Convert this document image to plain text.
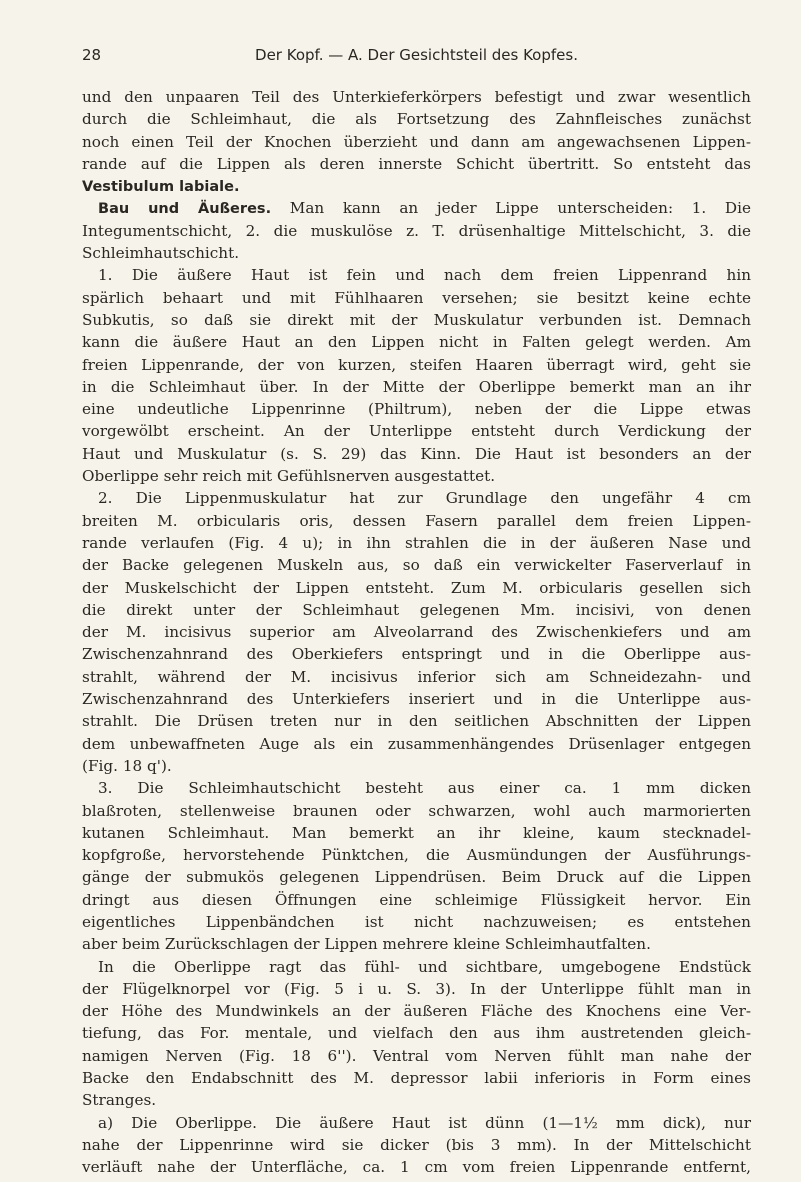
28	Der Kopf. — A. Der Gesichtsteil des Kopfes.
und den unpaaren Teil des Unterkieferkörpers befestigt und zwar wesentlich
durch die Schleimhaut, die als Fortsetzung des Zahnfleisches zunächst
noch einen Teil der Knochen überzieht und dann am angewachsenen Lippen-
rande auf die Lippen als deren innerste Schicht übertritt. So entsteht das
Vestibulum labiale.
Bau und Äußeres. Man kann an jeder Lippe unterscheiden: 1. Die
Integumentschicht, 2. die muskulöse z. T. drüsenhaltige Mittelschicht, 3. die
Schleimhautschicht.
1. Die äußere Haut ist fein und nach dem freien Lippenrand hin
spärlich behaart und mit Fühlhaaren versehen; sie besitzt keine echte
Subkutis, so daß sie direkt mit der Muskulatur verbunden ist. Demnach
kann die äußere Haut an den Lippen nicht in Falten gelegt werden. Am
freien Lippenrande, der von kurzen, steifen Haaren überragt wird, geht sie
in die Schleimhaut über. In der Mitte der Oberlippe bemerkt man an ihr
eine undeutliche Lippenrinne (Philtrum), neben der die Lippe etwas
vorgewölbt erscheint. An der Unterlippe entsteht durch Verdickung der
Haut und Muskulatur (s. S. 29) das Kinn. Die Haut ist besonders an der
Oberlippe sehr reich mit Gefühlsnerven ausgestattet.
2. Die Lippenmuskulatur hat zur Grundlage den ungefähr 4 cm
breiten M. orbicularis oris, dessen Fasern parallel dem freien Lippen-
rande verlaufen (Fig. 4 u); in ihn strahlen die in der äußeren Nase und
der Backe gelegenen Muskeln aus, so daß ein verwickelter Faserverlauf in
der Muskelschicht der Lippen entsteht. Zum M. orbicularis gesellen sich
die direkt unter der Schleimhaut gelegenen Mm. incisivi, von denen
der M. incisivus superior am Alveolarrand des Zwischenkiefers und am
Zwischenzahnrand des Oberkiefers entspringt und in die Oberlippe aus-
strahlt, während der M. incisivus inferior sich am Schneidezahn- und
Zwischenzahnrand des Unterkiefers inseriert und in die Unterlippe aus-
strahlt. Die Drüsen treten nur in den seitlichen Abschnitten der Lippen
dem unbewaffneten Auge als ein zusammenhängendes Drüsenlager entgegen
(Fig. 18 q').
3. Die Schleimhautschicht besteht aus einer ca. 1 mm dicken
blaßroten, stellenweise braunen oder schwarzen, wohl auch marmorierten
kutanen Schleimhaut. Man bemerkt an ihr kleine, kaum stecknadel-
kopfgroße, hervorstehende Pünktchen, die Ausmündungen der Ausführungs-
gänge der submukös gelegenen Lippendrüsen. Beim Druck auf die Lippen
dringt aus diesen Öffnungen eine schleimige Flüssigkeit hervor. Ein
eigentliches Lippenbändchen ist nicht nachzuweisen; es entstehen
aber beim Zurückschlagen der Lippen mehrere kleine Schleimhautfalten.
In die Oberlippe ragt das fühl- und sichtbare, umgebogene Endstück
der Flügelknorpel vor (Fig. 5 i u. S. 3). In der Unterlippe fühlt man in
der Höhe des Mundwinkels an der äußeren Fläche des Knochens eine Ver-
tiefung, das For. mentale, und vielfach den aus ihm austretenden gleich-
namigen Nerven (Fig. 18 6''). Ventral vom Nerven fühlt man nahe der
Backe den Endabschnitt des M. depressor labii inferioris in Form eines
Stranges.
a) Die Oberlippe. Die äußere Haut ist dünn (1—1½ mm dick), nur
nahe der Lippenrinne wird sie dicker (bis 3 mm). In der Mittelschicht
verläuft nahe der Unterfläche, ca. 1 cm vom freien Lippenrande entfernt,
